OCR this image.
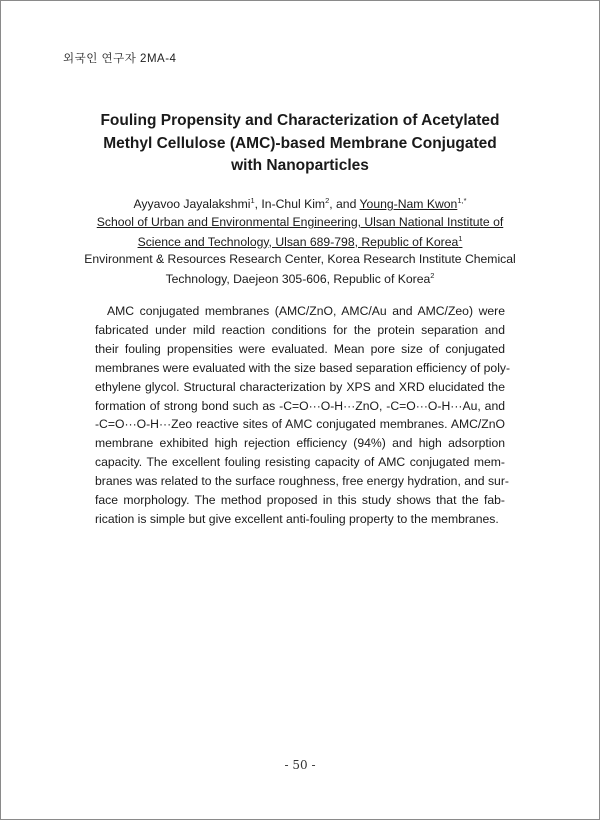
외국인 연구자 2MA-4
Fouling Propensity and Characterization of Acetylated
Methyl Cellulose (AMC)-based Membrane Conjugated
with Nanoparticles
Ayyavoo Jayalakshmi$^1$, In-Chul Kim$^2$, and Young-Nam Kwon$^{1,*}$
School of Urban and Environmental Engineering, Ulsan National Institute of
Science and Technology, Ulsan 689-798, Republic of Korea$^1$
Environment & Resources Research Center, Korea Research Institute Chemical
Technology, Daejeon 305-606, Republic of Korea$^2$
AMC conjugated membranes (AMC/ZnO, AMC/Au and AMC/Zeo) were
fabricated under mild reaction conditions for the protein separation and
their fouling propensities were evaluated. Mean pore size of conjugated
membranes were evaluated with the size based separation efficiency of poly-
ethylene glycol. Structural characterization by XPS and XRD elucidated the
formation of strong bond such as -C=O···O-H···ZnO, -C=O···O-H···Au, and
-C=O···O-H···Zeo reactive sites of AMC conjugated membranes. AMC/ZnO
membrane exhibited high rejection efficiency (94%) and high adsorption
capacity. The excellent fouling resisting capacity of AMC conjugated mem-
branes was related to the surface roughness, free energy hydration, and sur-
face morphology. The method proposed in this study shows that the fab-
rication is simple but give excellent anti-fouling property to the membranes.
- 50 -
